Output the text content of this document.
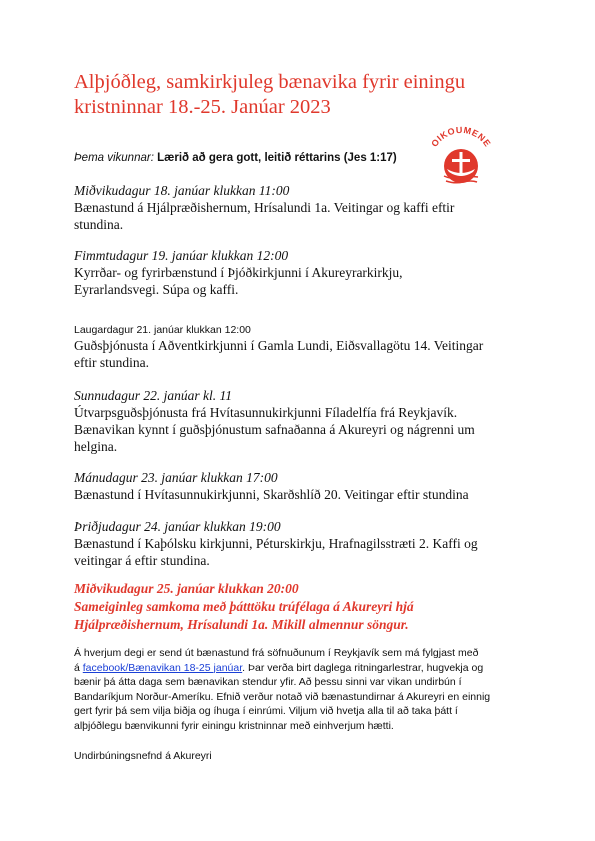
Alþjóðleg, samkirkjuleg bænavika fyrir einingu
kristninnar 18.-25. Janúar 2023
Þema vikunnar: Lærið að gera gott, leitið réttarins (Jes 1:17)
OIKOUMENE
Miðvikudagur 18. janúar klukkan 11:00
Bænastund á Hjálpræðishernum, Hrísalundi 1a. Veitingar og kaffi eftir
stundina.
Fimmtudagur 19. janúar klukkan 12:00
Kyrrðar- og fyrirbænstund í Þjóðkirkjunni í Akureyrarkirkju,
Eyrarlandsvegi. Súpa og kaffi.
Laugardagur 21. janúar klukkan 12:00
Guðsþjónusta í Aðventkirkjunni í Gamla Lundi, Eiðsvallagötu 14. Veitingar
eftir stundina.
Sunnudagur 22. janúar kl. 11
Útvarpsguðsþjónusta frá Hvítasunnukirkjunni Fíladelfía frá Reykjavík.
Bænavikan kynnt í guðsþjónustum safnaðanna á Akureyri og nágrenni um
helgina.
Mánudagur 23. janúar klukkan 17:00
Bænastund í Hvítasunnukirkjunni, Skarðshlíð 20. Veitingar eftir stundina
Þriðjudagur 24. janúar klukkan 19:00
Bænastund í Kaþólsku kirkjunni, Péturskirkju, Hrafnagilsstræti 2. Kaffi og
veitingar á eftir stundina.
Miðvikudagur 25. janúar klukkan 20:00
Sameiginleg samkoma með þátttöku trúfélaga á Akureyri hjá
Hjálpræðishernum, Hrísalundi 1a. Mikill almennur söngur.
Á hverjum degi er send út bænastund frá söfnuðunum í Reykjavík sem má fylgjast með
á facebook/Bænavikan 18-25 janúar. Þar verða birt daglega ritningarlestrar, hugvekja og
bænir þá átta daga sem bænavikan stendur yfir. Að þessu sinni var vikan undirbún í
Bandaríkjum Norður-Ameríku. Efnið verður notað við bænastundirnar á Akureyri en einnig
gert fyrir þá sem vilja biðja og íhuga í einrúmi. Viljum við hvetja alla til að taka þátt í
alþjóðlegu bænvikunni fyrir einingu kristninnar með einhverjum hætti.
Undirbúningsnefnd á Akureyri
